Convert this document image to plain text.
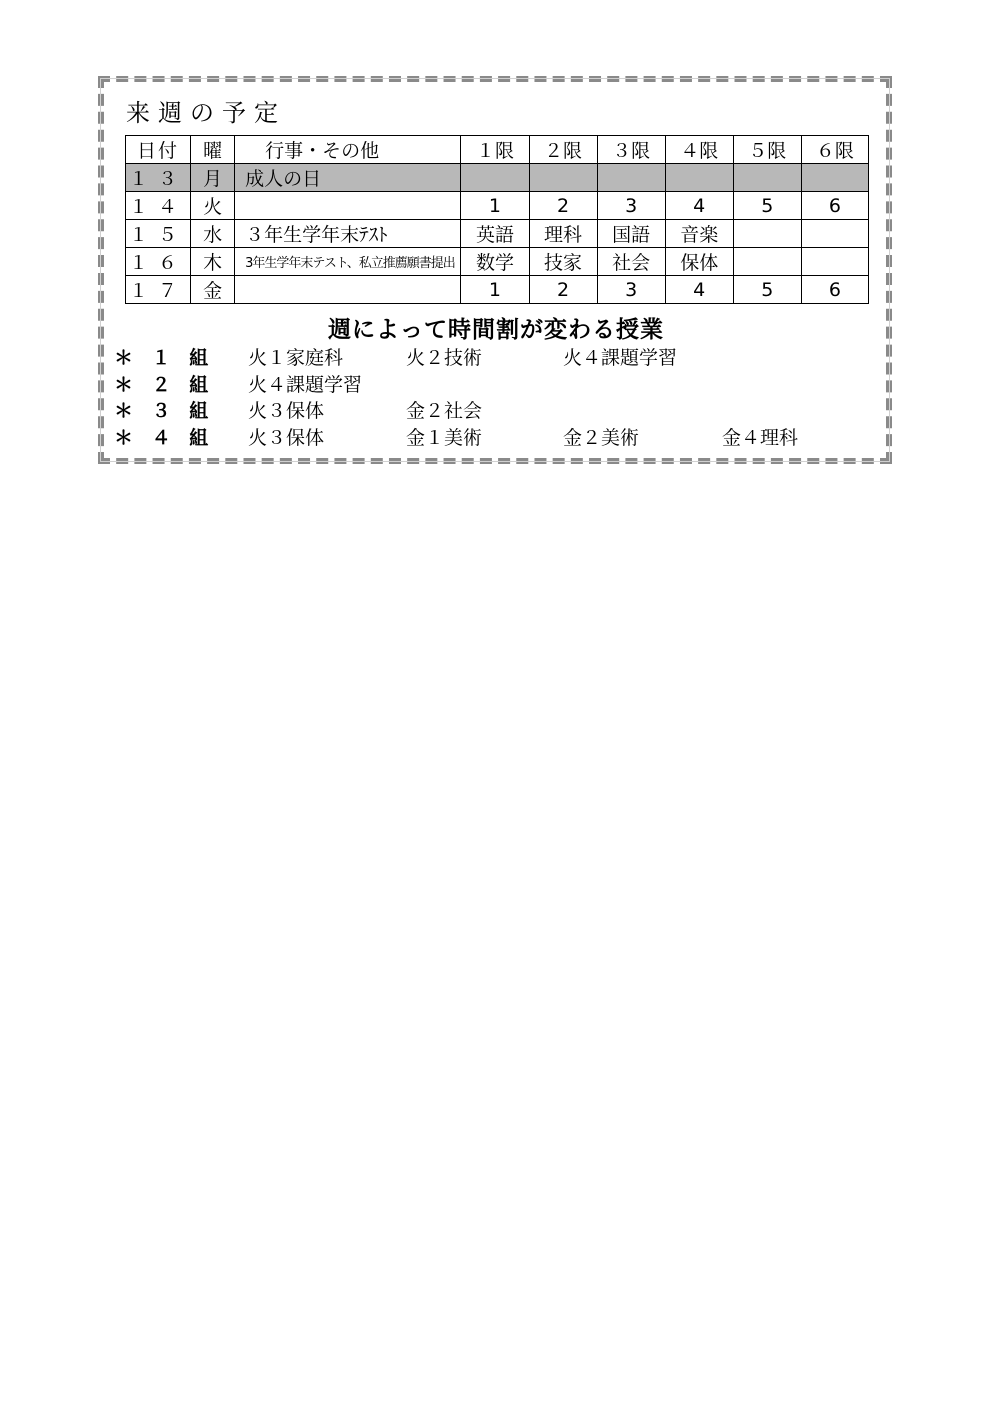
来週の予定
日付	曜	行事・その他	１限	２限	３限	４限	５限	６限
１３	月	成人の日						
１４	火		1	2	3	4	5	6
１５	水	３年生学年末ﾃｽﾄ	英語	理科	国語	音楽		
１６	木	3年生学年末テスト、私立推薦願書提出	数学	技家	社会	保体		
１７	金		1	2	3	4	5	6
週によって時間割が変わる授業
＊ １ 組 火１家庭科	火２技術	火４課題学習
＊ ２ 組 火４課題学習
＊ ３ 組 火３保体	金２社会
＊ ４ 組 火３保体	金１美術	金２美術	金４理科
